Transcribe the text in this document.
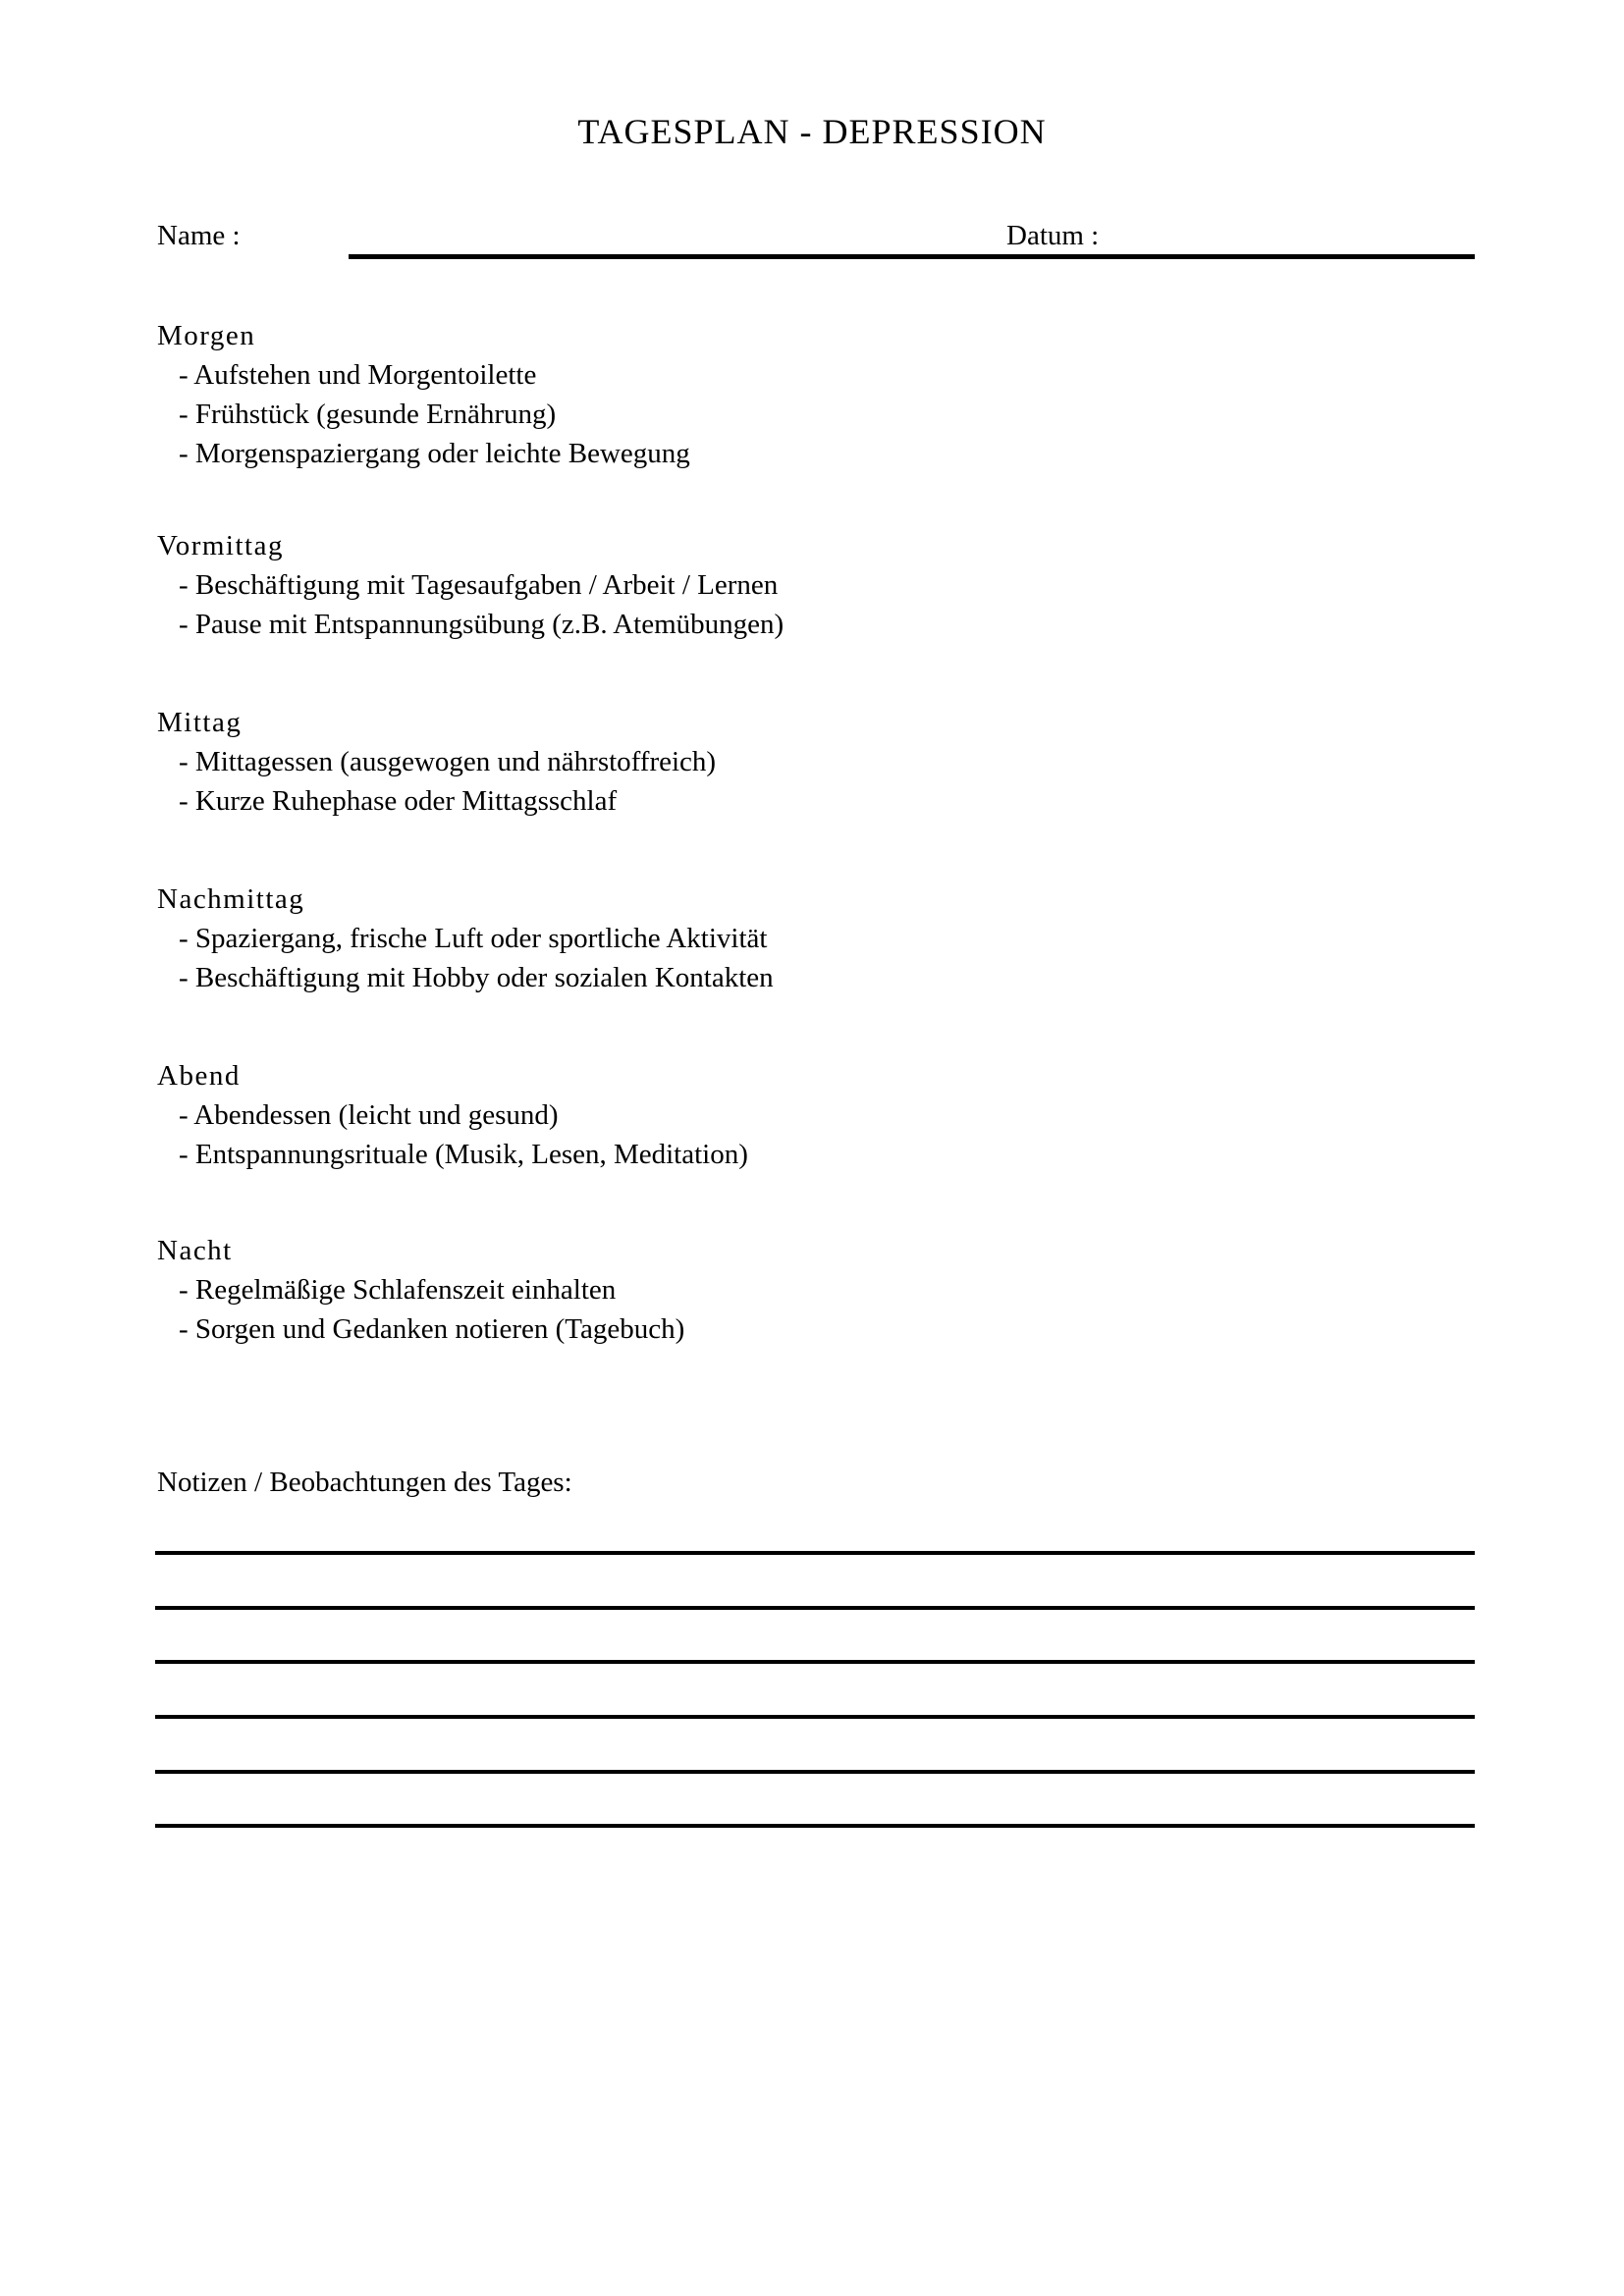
TAGESPLAN - DEPRESSION
Name :	Datum :
Morgen
- Aufstehen und Morgentoilette
- Frühstück (gesunde Ernährung)
- Morgenspaziergang oder leichte Bewegung
Vormittag
- Beschäftigung mit Tagesaufgaben / Arbeit / Lernen
- Pause mit Entspannungsübung (z.B. Atemübungen)
Mittag
- Mittagessen (ausgewogen und nährstoffreich)
- Kurze Ruhephase oder Mittagsschlaf
Nachmittag
- Spaziergang, frische Luft oder sportliche Aktivität
- Beschäftigung mit Hobby oder sozialen Kontakten
Abend
- Abendessen (leicht und gesund)
- Entspannungsrituale (Musik, Lesen, Meditation)
Nacht
- Regelmäßige Schlafenszeit einhalten
- Sorgen und Gedanken notieren (Tagebuch)
Notizen / Beobachtungen des Tages:
